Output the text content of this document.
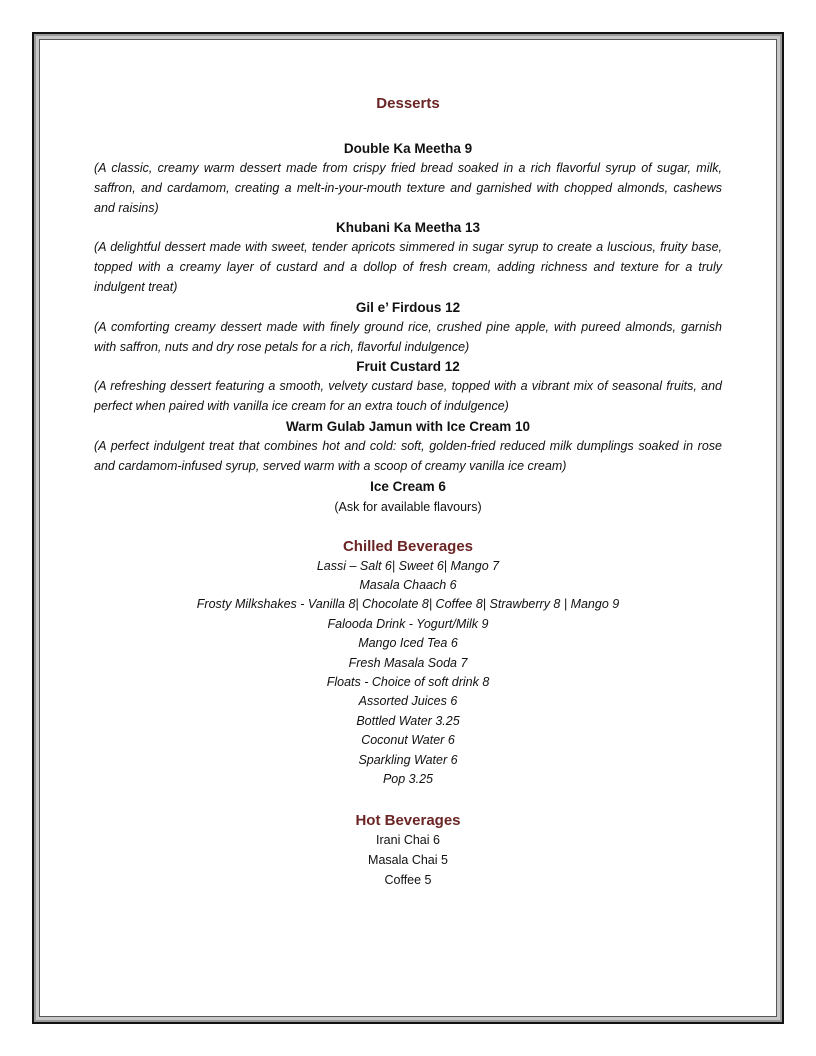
Desserts
Double Ka Meetha 9
(A classic, creamy warm dessert made from crispy fried bread soaked in a rich flavorful syrup of sugar, milk, saffron, and cardamom, creating a melt-in-your-mouth texture and garnished with chopped almonds, cashews and raisins)
Khubani Ka Meetha 13
(A delightful dessert made with sweet, tender apricots simmered in sugar syrup to create a luscious, fruity base, topped with a creamy layer of custard and a dollop of fresh cream, adding richness and texture for a truly indulgent treat)
Gil e’ Firdous 12
(A comforting creamy dessert made with finely ground rice, crushed pine apple, with pureed almonds, garnish with saffron, nuts and dry rose petals for a rich, flavorful indulgence)
Fruit Custard 12
(A refreshing dessert featuring a smooth, velvety custard base, topped with a vibrant mix of seasonal fruits, and perfect when paired with vanilla ice cream for an extra touch of indulgence)
Warm Gulab Jamun with Ice Cream 10
(A perfect indulgent treat that combines hot and cold: soft, golden-fried reduced milk dumplings soaked in rose and cardamom-infused syrup, served warm with a scoop of creamy vanilla ice cream)
Ice Cream 6
(Ask for available flavours)
Chilled Beverages
Lassi – Salt 6| Sweet 6| Mango 7
Masala Chaach 6
Frosty Milkshakes - Vanilla 8| Chocolate 8| Coffee 8| Strawberry 8 | Mango 9
Falooda Drink - Yogurt/Milk 9
Mango Iced Tea 6
Fresh Masala Soda 7
Floats - Choice of soft drink 8
Assorted Juices 6
Bottled Water 3.25
Coconut Water 6
Sparkling Water 6
Pop 3.25
Hot Beverages
Irani Chai 6
Masala Chai 5
Coffee 5
